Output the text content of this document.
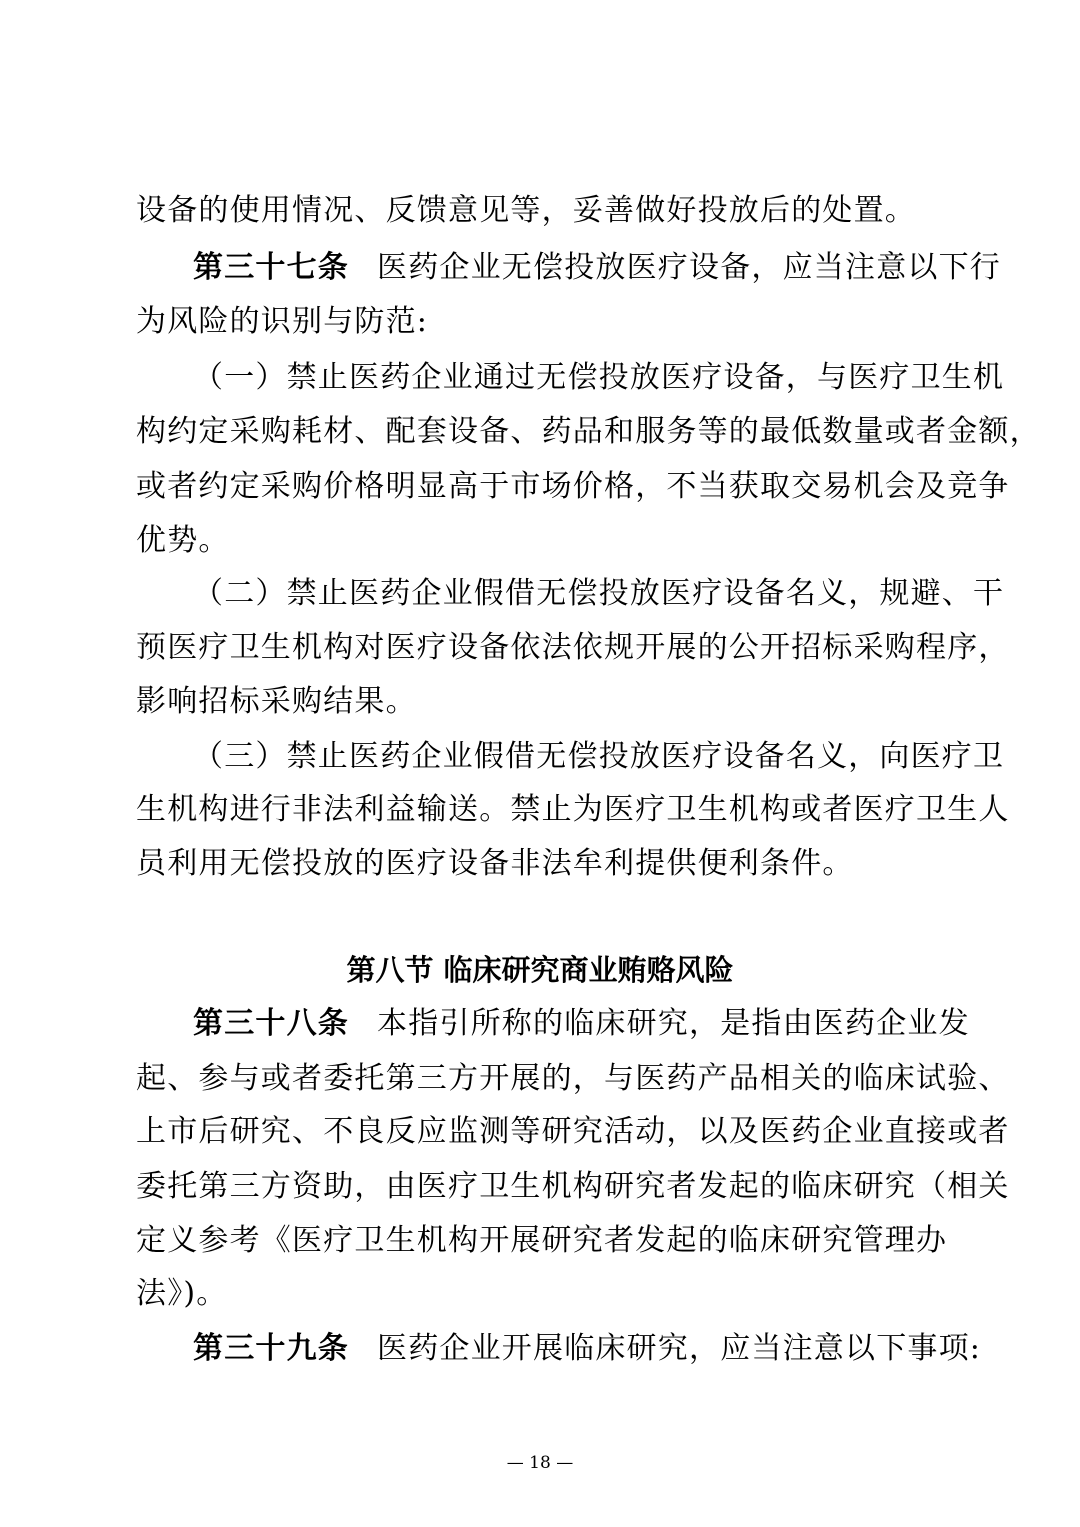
设备的使用情况、反馈意见等，妥善做好投放后的处置。
第三十七条 医药企业无偿投放医疗设备，应当注意以下行
为风险的识别与防范:
（一）禁止医药企业通过无偿投放医疗设备，与医疗卫生机
构约定采购耗材、配套设备、药品和服务等的最低数量或者金额，
或者约定采购价格明显高于市场价格，不当获取交易机会及竞争
优势。
（二）禁止医药企业假借无偿投放医疗设备名义，规避、干
预医疗卫生机构对医疗设备依法依规开展的公开招标采购程序，
影响招标采购结果。
（三）禁止医药企业假借无偿投放医疗设备名义，向医疗卫
生机构进行非法利益输送。禁止为医疗卫生机构或者医疗卫生人
员利用无偿投放的医疗设备非法牟利提供便利条件。
第八节 临床研究商业贿赂风险
第三十八条 本指引所称的临床研究，是指由医药企业发
起、参与或者委托第三方开展的，与医药产品相关的临床试验、
上市后研究、不良反应监测等研究活动，以及医药企业直接或者
委托第三方资助，由医疗卫生机构研究者发起的临床研究（相关
定义参考《医疗卫生机构开展研究者发起的临床研究管理办
法》)。
第三十九条 医药企业开展临床研究，应当注意以下事项:
— 18 —
